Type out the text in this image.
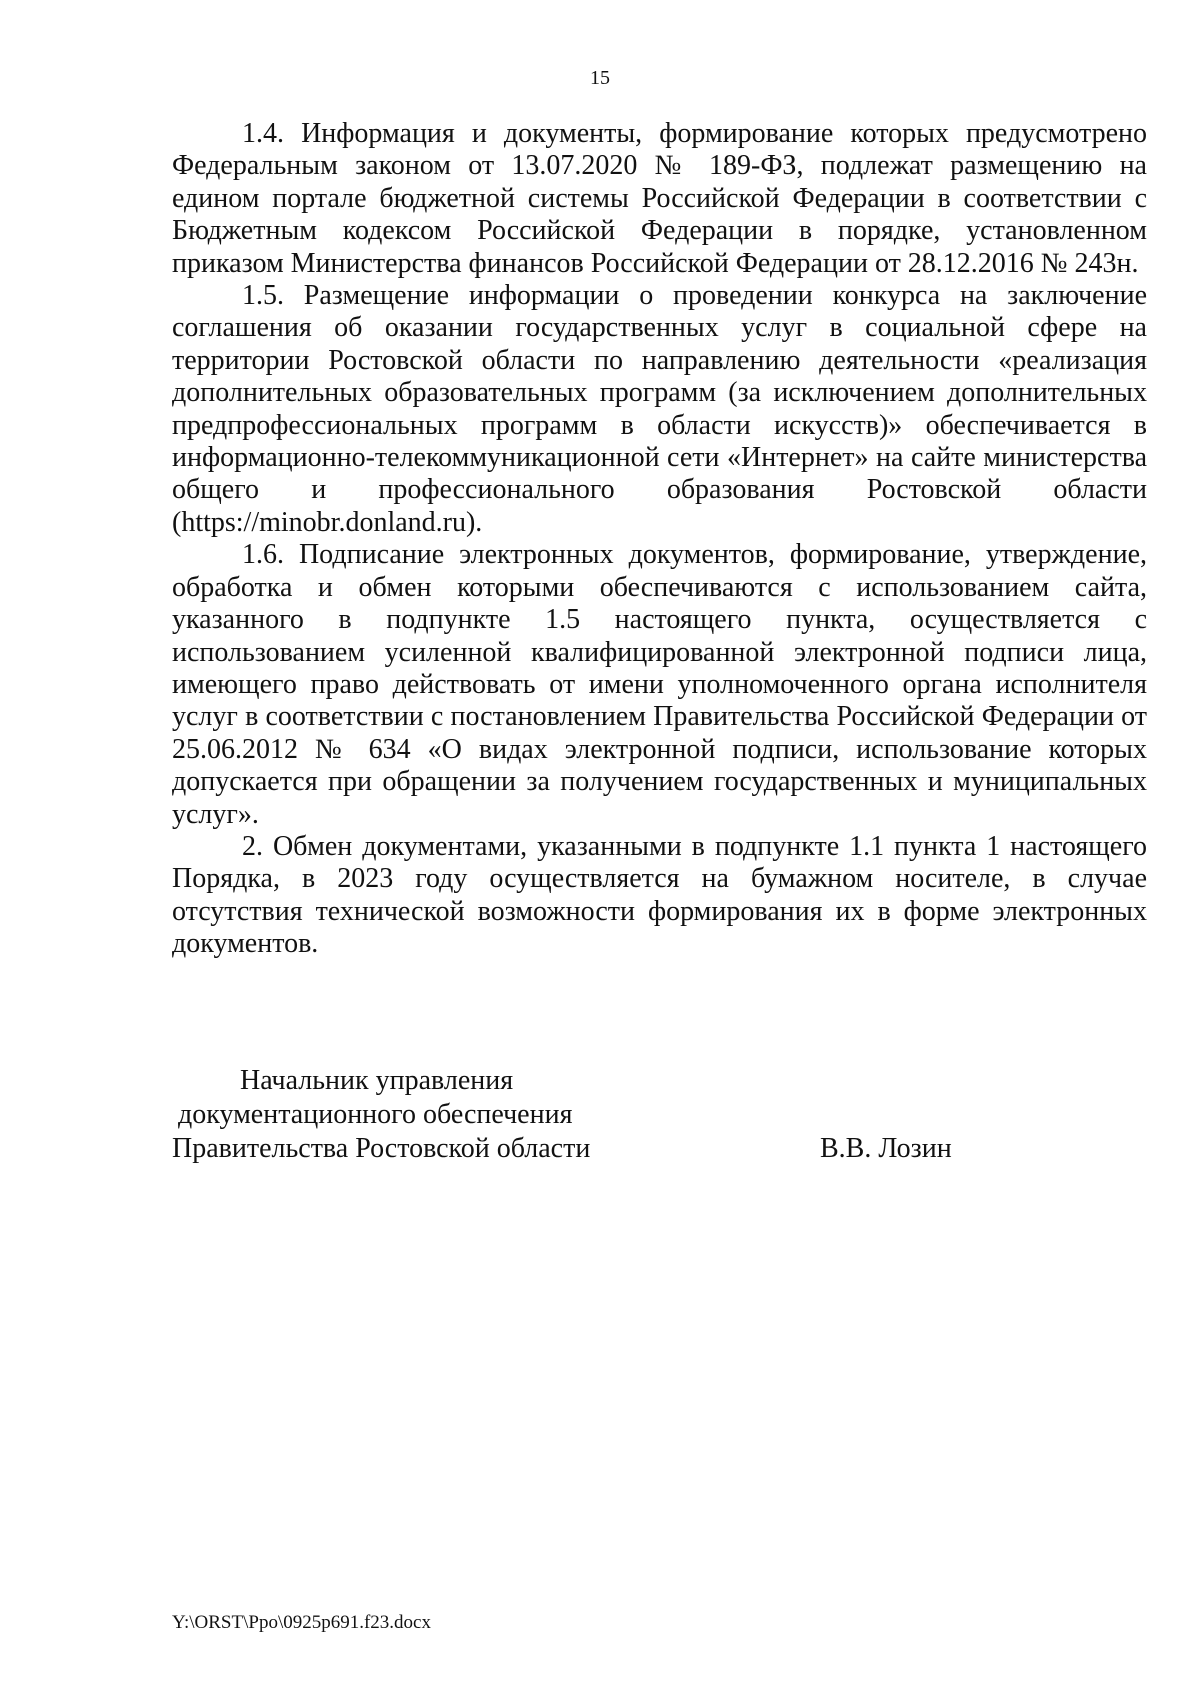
15

1.4. Информация и документы, формирование которых предусмотрено Федеральным законом от 13.07.2020 № 189-ФЗ, подлежат размещению на едином портале бюджетной системы Российской Федерации в соответствии с Бюджетным кодексом Российской Федерации в порядке, установленном приказом Министерства финансов Российской Федерации от 28.12.2016 № 243н.

1.5. Размещение информации о проведении конкурса на заключение соглашения об оказании государственных услуг в социальной сфере на территории Ростовской области по направлению деятельности «реализация дополнительных образовательных программ (за исключением дополнительных предпрофессиональных программ в области искусств)» обеспечивается в информационно-телекоммуникационной сети «Интернет» на сайте министерства общего и профессионального образования Ростовской области (https://minobr.donland.ru).

1.6. Подписание электронных документов, формирование, утверждение, обработка и обмен которыми обеспечиваются с использованием сайта, указанного в подпункте 1.5 настоящего пункта, осуществляется с использованием усиленной квалифицированной электронной подписи лица, имеющего право действовать от имени уполномоченного органа исполнителя услуг в соответствии с постановлением Правительства Российской Федерации от 25.06.2012 № 634 «О видах электронной подписи, использование которых допускается при обращении за получением государственных и муниципальных услуг».

2. Обмен документами, указанными в подпункте 1.1 пункта 1 настоящего Порядка, в 2023 году осуществляется на бумажном носителе, в случае отсутствия технической возможности формирования их в форме электронных документов.

Начальник управления
документационного обеспечения
Правительства Ростовской области	В.В. Лозин
Y:\ORST\Ppo\0925p691.f23.docx
